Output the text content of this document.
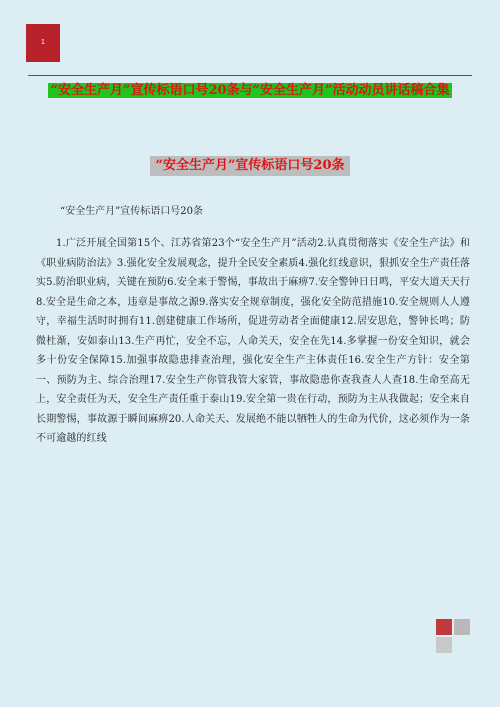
1
“安全生产月”宣传标语口号20条与“安全生产月”活动动员讲话稿合集
“安全生产月”宣传标语口号20条
“安全生产月”宣传标语口号20条
1.广泛开展全国第15个、江苏省第23个“安全生产月”活动2.认真贯彻落实《安全生产法》和《职业病防治法》3.强化安全发展观念，提升全民安全素质4.强化红线意识，狠抓安全生产责任落实5.防治职业病，关键在预防6.安全来于警惕，事故出于麻痹7.安全警钟日日鸣，平安大道天天行8.安全是生命之本，违章是事故之源9.落实安全规章制度，强化安全防范措施10.安全规则人人遵守，幸福生活时时拥有11.创建健康工作场所，促进劳动者全面健康12.居安思危，警钟长鸣；防微杜渐，安如泰山13.生产再忙，安全不忘，人命关天，安全在先14.多掌握一份安全知识，就会多十份安全保障15.加强事故隐患排查治理，强化安全生产主体责任16.安全生产方针：安全第一、预防为主、综合治理17.安全生产你管我管大家管，事故隐患你查我查人人查18.生命至高无上，安全责任为天，安全生产责任重于泰山19.安全第一贵在行动，预防为主从我做起；安全来自长期警惕，事故源于瞬间麻痹20.人命关天、发展绝不能以牺牲人的生命为代价，这必须作为一条不可逾越的红线
